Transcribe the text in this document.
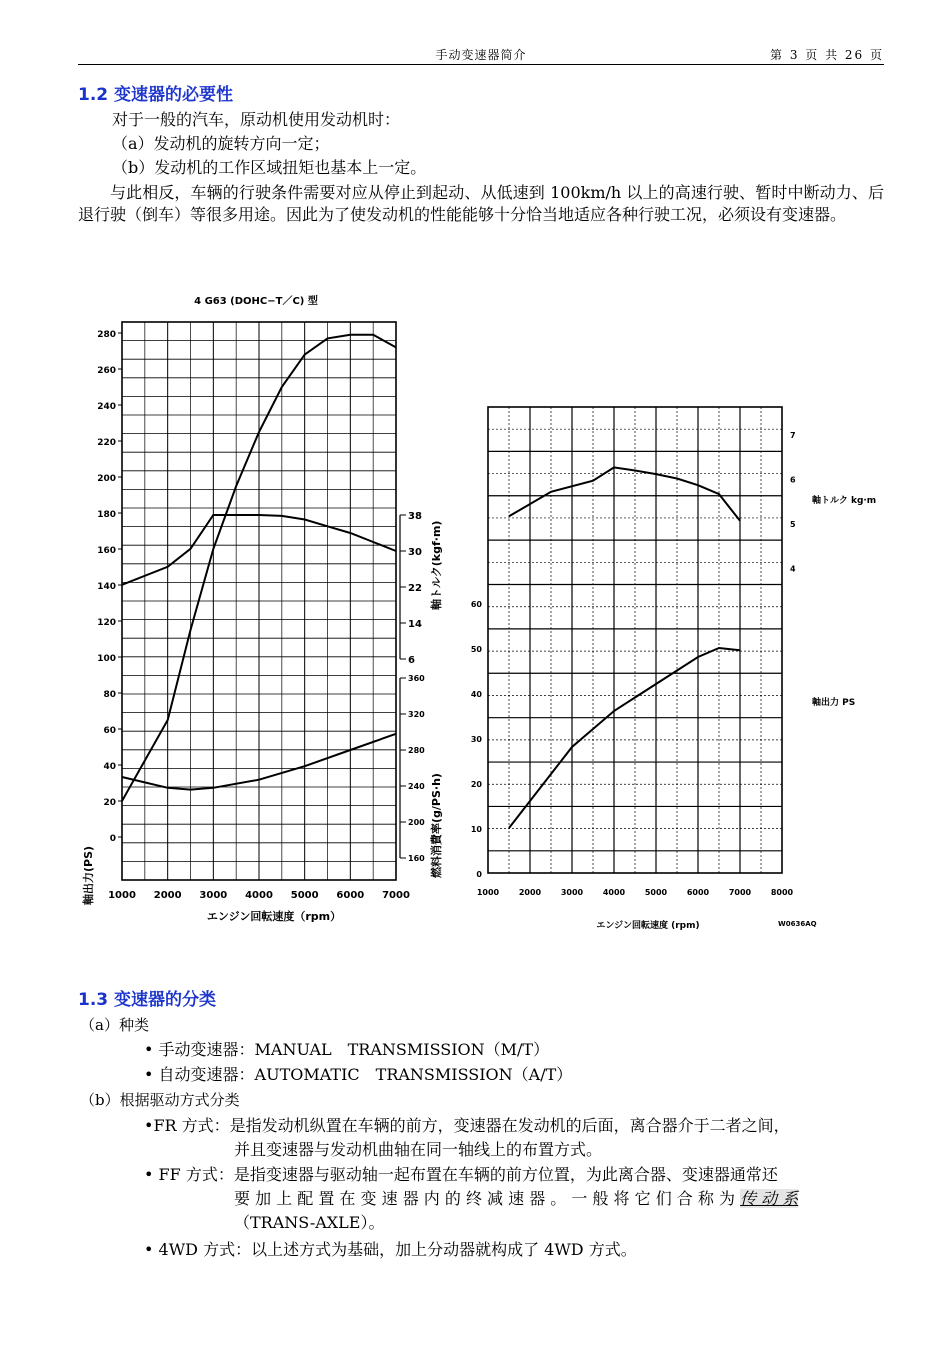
手动变速器简介	第 3 页 共 26 页
1.2 变速器的必要性
对于一般的汽车，原动机使用发动机时：
（a）发动机的旋转方向一定；
（b）发动机的工作区域扭矩也基本上一定。
与此相反，车辆的行驶条件需要对应从停止到起动、从低速到 100km/h 以上的高速行驶、暂时中断动力、后退行驶（倒车）等很多用途。因此为了使发动机的性能能够十分恰当地适应各种行驶工况，必须设有变速器。
4 G63 (DOHC−T／C) 型
1000 2000 3000 4000 5000 6000 7000
0
20
40
60
80
100
120
140
160
180
200
220
240
260
280
6
14
22
30
38
160
200
240
280
320
360
エンジン回転速度（rpm）
軸出力(PS)
軸トルク(kgf·m)
燃料消費率(g/PS·h)
1000 2000 3000 4000 5000 6000 7000 8000
0
10
20
30
40
50
60
4
5
6
7
エンジン回転速度 (rpm)
軸トルク kg·m
軸出力 PS
W0636AQ
1.3 变速器的分类
（a）种类
• 手动变速器：MANUAL　TRANSMISSION（M/T）
• 自动变速器：AUTOMATIC　TRANSMISSION（A/T）
（b）根据驱动方式分类
•FR 方式：是指发动机纵置在车辆的前方，变速器在发动机的后面，离合器介于二者之间，
并且变速器与发动机曲轴在同一轴线上的布置方式。
• FF 方式：是指变速器与驱动轴一起布置在车辆的前方位置，为此离合器、变速器通常还
要 加 上 配 置 在 变 速 器 内 的 终 减 速 器 。 一 般 将 它 们 合 称 为 传 动 系
（TRANS-AXLE）。
• 4WD 方式：以上述方式为基础，加上分动器就构成了 4WD 方式。
